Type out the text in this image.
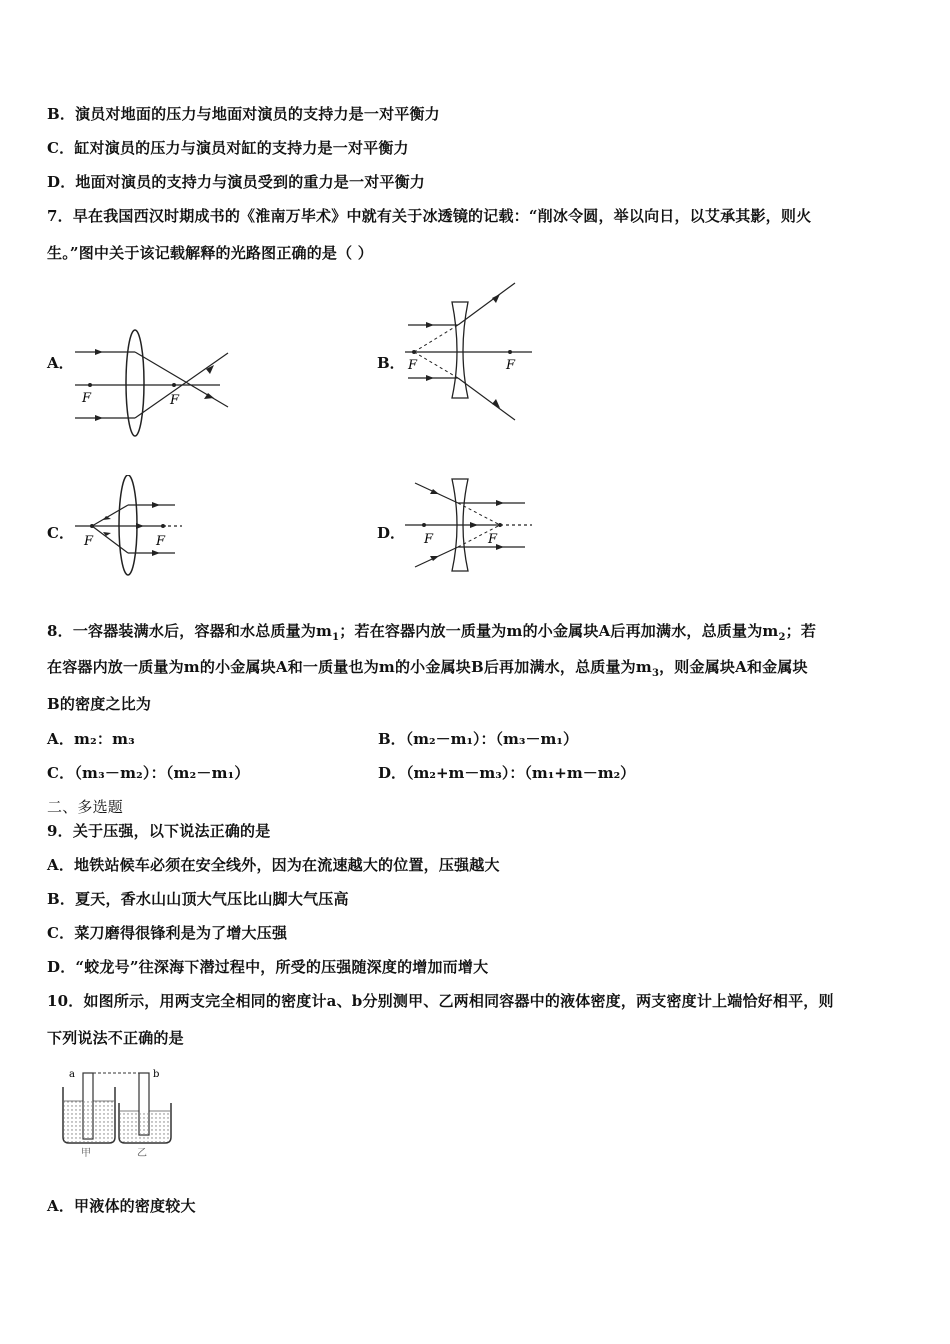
B．演员对地面的压力与地面对演员的支持力是一对平衡力
C．缸对演员的压力与演员对缸的支持力是一对平衡力
D．地面对演员的支持力与演员受到的重力是一对平衡力
7．早在我国西汉时期成书的《淮南万毕术》中就有关于冰透镜的记载：“削冰令圆，举以向日，以艾承其影，则火
生。”图中关于该记载解释的光路图正确的是（ ）
A．
F	F
B． F	F
C． F	F	D． F	F
8．一容器装满水后，容器和水总质量为$m_1$；若在容器内放一质量为m的小金属块A后再加满水，总质量为$m_2$；若
在容器内放一质量为m的小金属块A和一质量也为m的小金属块B后再加满水，总质量为$m_3$，则金属块A和金属块
B的密度之比为
A．m₂：m₃	B．（m₂－m₁）：（m₃－m₁）
C．（m₃－m₂）：（m₂－m₁）	D．（m₂+m－m₃）：（m₁+m－m₂）
二、多选题
9．关于压强，以下说法正确的是
A．地铁站候车必须在安全线外，因为在流速越大的位置，压强越大
B．夏天，香水山山顶大气压比山脚大气压高
C．菜刀磨得很锋利是为了增大压强
D．“蛟龙号”往深海下潜过程中，所受的压强随深度的增加而增大
10．如图所示，用两支完全相同的密度计a、b分别测甲、乙两相同容器中的液体密度，两支密度计上端恰好相平，则
下列说法不正确的是
a	b
甲	乙
A．甲液体的密度较大
